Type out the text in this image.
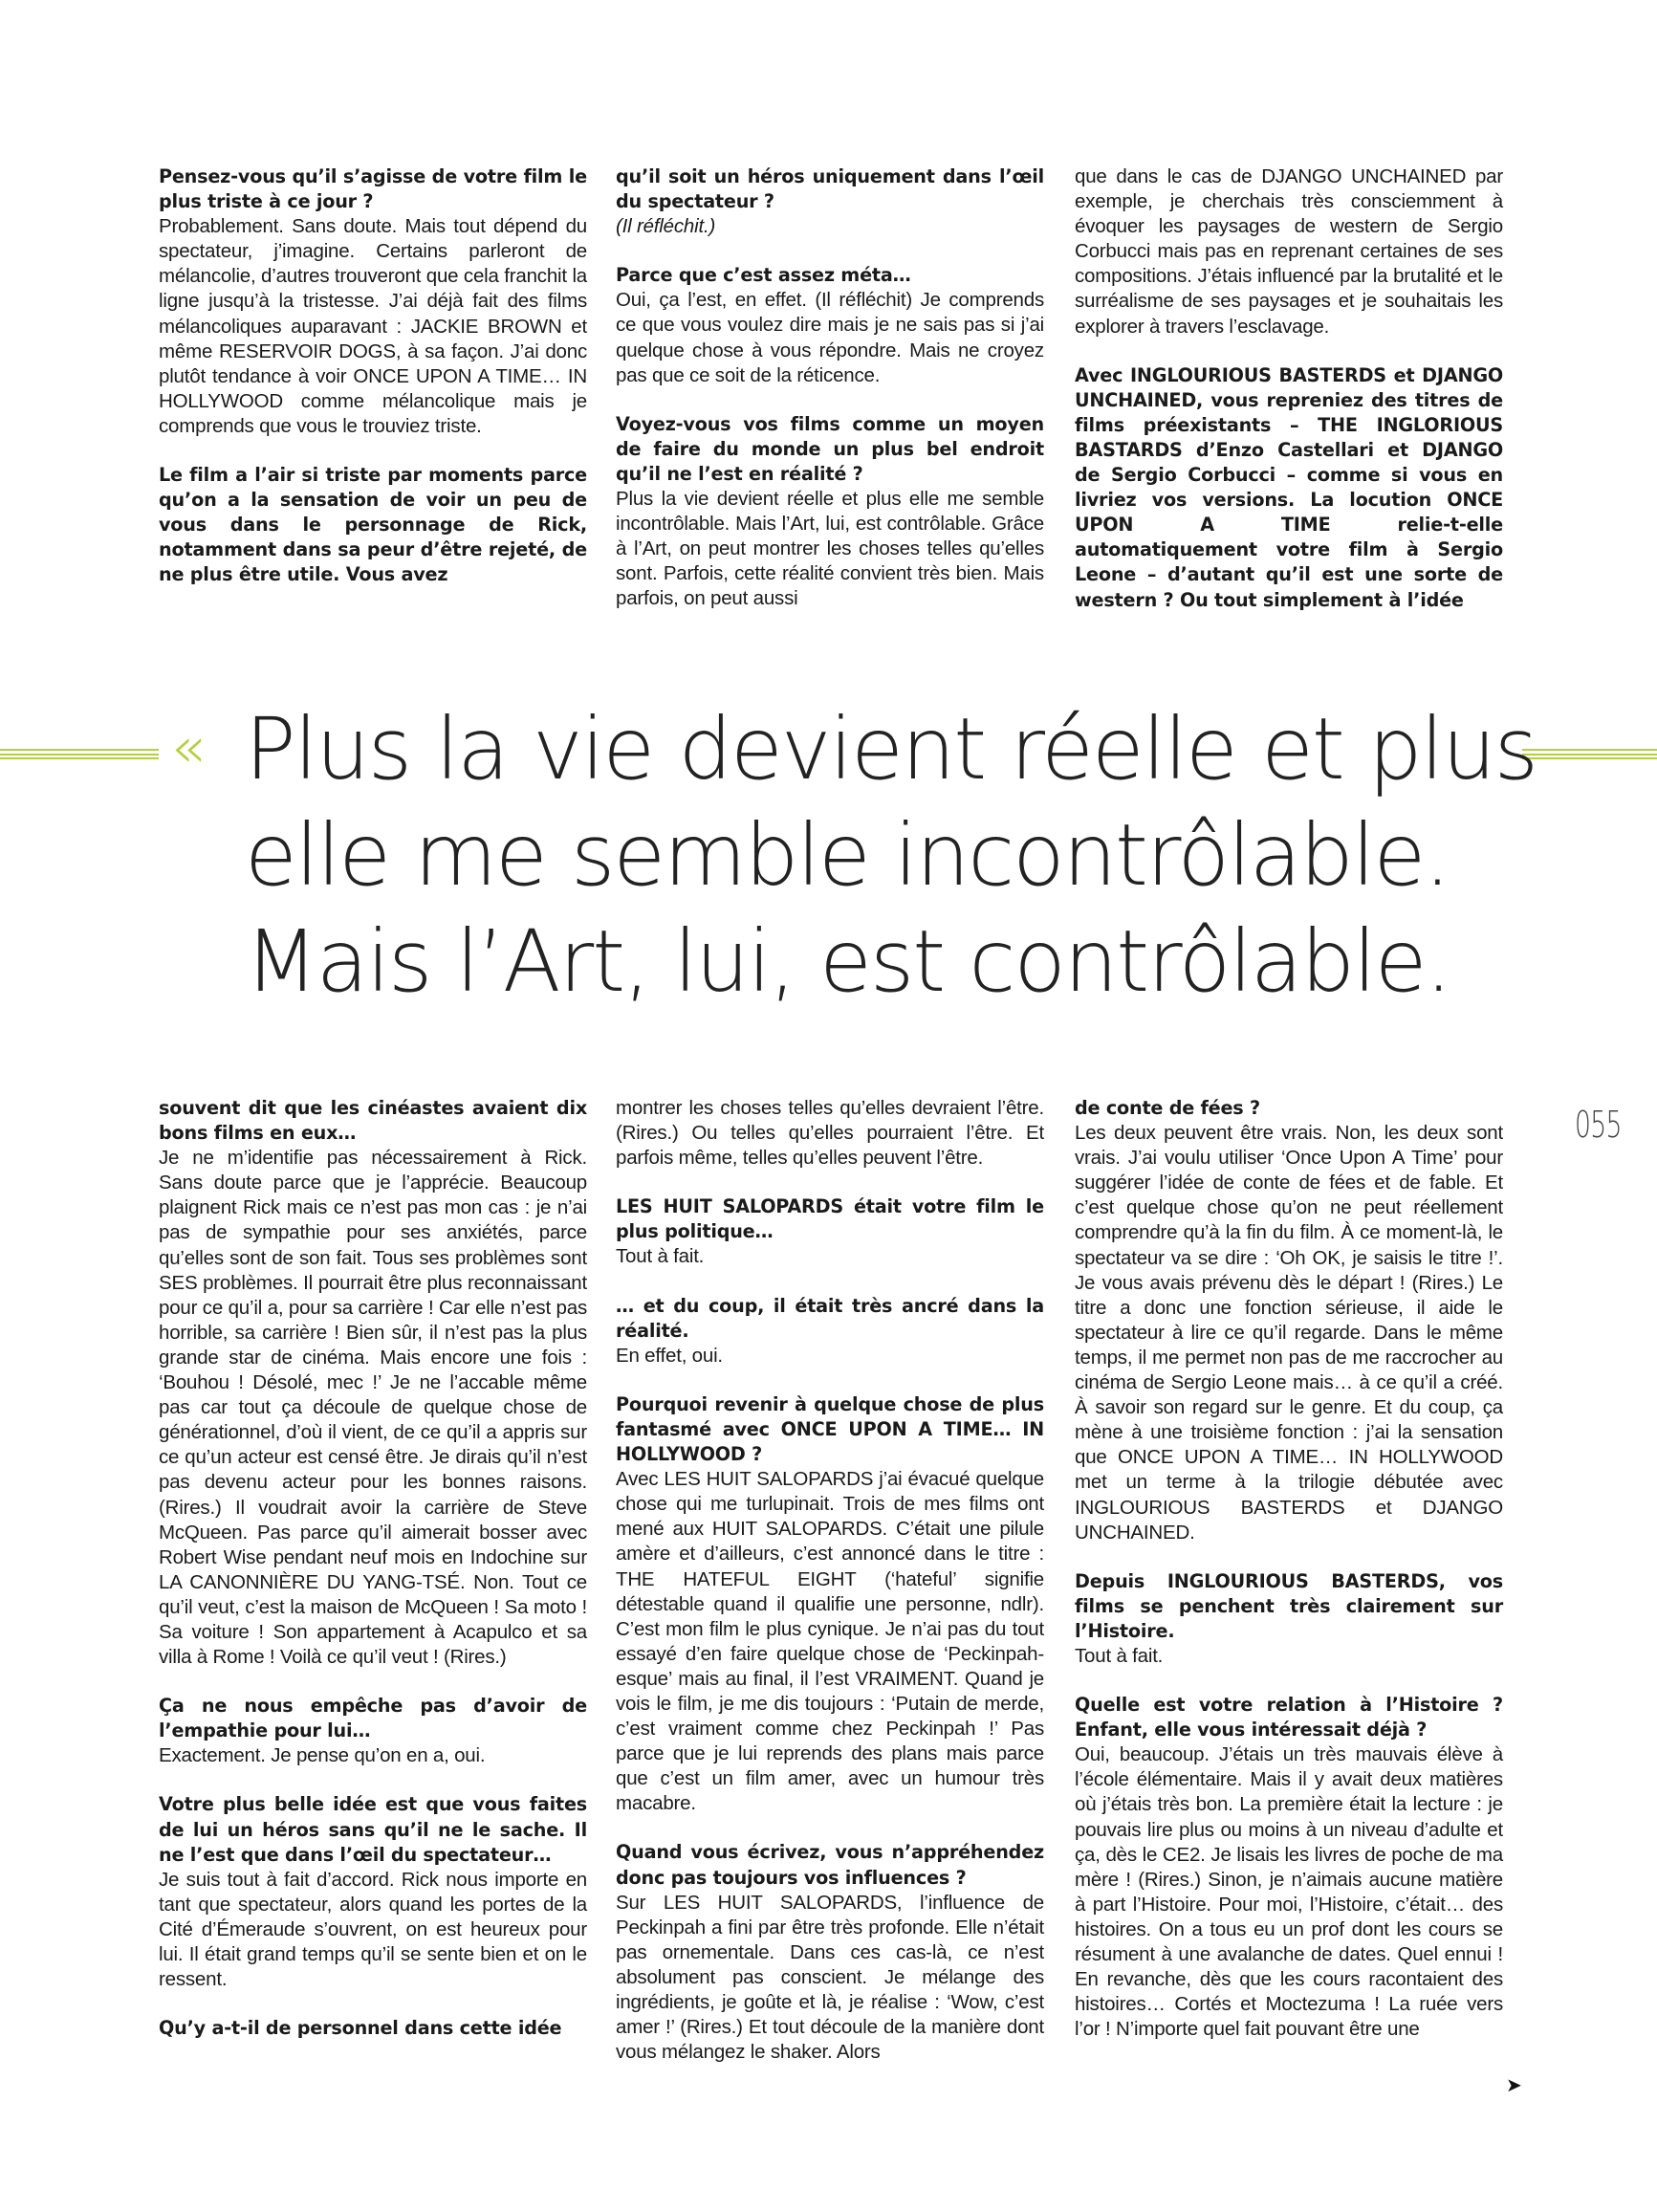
Pensez-vous qu’il s’agisse de votre film le plus triste à ce jour ?
Probablement. Sans doute. Mais tout dépend du spectateur, j’imagine. Certains parleront de mélancolie, d’autres trouveront que cela franchit la ligne jusqu’à la tristesse. J’ai déjà fait des films mélancoliques auparavant : JACKIE BROWN et même RESERVOIR DOGS, à sa façon. J’ai donc plutôt tendance à voir ONCE UPON A TIME… IN HOLLYWOOD comme mélancolique mais je comprends que vous le trouviez triste.

Le film a l’air si triste par moments parce qu’on a la sensation de voir un peu de vous dans le personnage de Rick, notamment dans sa peur d’être rejeté, de ne plus être utile. Vous avez

qu’il soit un héros uniquement dans l’œil du spectateur ?
(Il réfléchit.)

Parce que c’est assez méta…
Oui, ça l’est, en effet. (Il réfléchit) Je comprends ce que vous voulez dire mais je ne sais pas si j’ai quelque chose à vous répondre. Mais ne croyez pas que ce soit de la réticence.

Voyez-vous vos films comme un moyen de faire du monde un plus bel endroit qu’il ne l’est en réalité ?
Plus la vie devient réelle et plus elle me semble incontrôlable. Mais l’Art, lui, est contrôlable. Grâce à l’Art, on peut montrer les choses telles qu’elles sont. Parfois, cette réalité convient très bien. Mais parfois, on peut aussi

que dans le cas de DJANGO UNCHAINED par exemple, je cherchais très consciemment à évoquer les paysages de western de Sergio Corbucci mais pas en reprenant certaines de ses compositions. J’étais influencé par la brutalité et le surréalisme de ses paysages et je souhaitais les explorer à travers l’esclavage.

Avec INGLOURIOUS BASTERDS et DJANGO UNCHAINED, vous repreniez des titres de films préexistants – THE INGLORIOUS BASTARDS d’Enzo Castellari et DJANGO de Sergio Corbucci – comme si vous en livriez vos versions. La locution ONCE UPON A TIME relie-t-elle automatiquement votre film à Sergio Leone – d’autant qu’il est une sorte de western ? Ou tout simplement à l’idée

« Plus la vie devient réelle et plus
elle me semble incontrôlable.
Mais l’Art, lui, est contrôlable.
055

souvent dit que les cinéastes avaient dix bons films en eux…
Je ne m’identifie pas nécessairement à Rick. Sans doute parce que je l’apprécie. Beaucoup plaignent Rick mais ce n’est pas mon cas : je n’ai pas de sympathie pour ses anxiétés, parce qu’elles sont de son fait. Tous ses problèmes sont SES problèmes. Il pourrait être plus reconnaissant pour ce qu’il a, pour sa carrière ! Car elle n’est pas horrible, sa carrière ! Bien sûr, il n’est pas la plus grande star de cinéma. Mais encore une fois : ‘Bouhou ! Désolé, mec !’ Je ne l’accable même pas car tout ça découle de quelque chose de générationnel, d’où il vient, de ce qu’il a appris sur ce qu’un acteur est censé être. Je dirais qu’il n’est pas devenu acteur pour les bonnes raisons. (Rires.) Il voudrait avoir la carrière de Steve McQueen. Pas parce qu’il aimerait bosser avec Robert Wise pendant neuf mois en Indochine sur LA CANONNIÈRE DU YANG-TSÉ. Non. Tout ce qu’il veut, c’est la maison de McQueen ! Sa moto ! Sa voiture ! Son appartement à Acapulco et sa villa à Rome ! Voilà ce qu’il veut ! (Rires.)

Ça ne nous empêche pas d’avoir de l’empathie pour lui…
Exactement. Je pense qu’on en a, oui.

Votre plus belle idée est que vous faites de lui un héros sans qu’il ne le sache. Il ne l’est que dans l’œil du spectateur…
Je suis tout à fait d’accord. Rick nous importe en tant que spectateur, alors quand les portes de la Cité d’Émeraude s’ouvrent, on est heureux pour lui. Il était grand temps qu’il se sente bien et on le ressent.

Qu’y a-t-il de personnel dans cette idée

montrer les choses telles qu’elles devraient l’être. (Rires.) Ou telles qu’elles pourraient l’être. Et parfois même, telles qu’elles peuvent l’être.

LES HUIT SALOPARDS était votre film le plus politique…
Tout à fait.

… et du coup, il était très ancré dans la réalité.
En effet, oui.

Pourquoi revenir à quelque chose de plus fantasmé avec ONCE UPON A TIME… IN HOLLYWOOD ?
Avec LES HUIT SALOPARDS j’ai évacué quelque chose qui me turlupinait. Trois de mes films ont mené aux HUIT SALOPARDS. C’était une pilule amère et d’ailleurs, c’est annoncé dans le titre : THE HATEFUL EIGHT (‘hateful’ signifie détestable quand il qualifie une personne, ndlr). C’est mon film le plus cynique. Je n’ai pas du tout essayé d’en faire quelque chose de ‘Peckinpah-esque’ mais au final, il l’est VRAIMENT. Quand je vois le film, je me dis toujours : ‘Putain de merde, c’est vraiment comme chez Peckinpah !’ Pas parce que je lui reprends des plans mais parce que c’est un film amer, avec un humour très macabre.

Quand vous écrivez, vous n’appréhendez donc pas toujours vos influences ?
Sur LES HUIT SALOPARDS, l’influence de Peckinpah a fini par être très profonde. Elle n’était pas ornementale. Dans ces cas-là, ce n’est absolument pas conscient. Je mélange des ingrédients, je goûte et là, je réalise : ‘Wow, c’est amer !’ (Rires.) Et tout découle de la manière dont vous mélangez le shaker. Alors

de conte de fées ?
Les deux peuvent être vrais. Non, les deux sont vrais. J’ai voulu utiliser ‘Once Upon A Time’ pour suggérer l’idée de conte de fées et de fable. Et c’est quelque chose qu’on ne peut réellement comprendre qu’à la fin du film. À ce moment-là, le spectateur va se dire : ‘Oh OK, je saisis le titre !’. Je vous avais prévenu dès le départ ! (Rires.) Le titre a donc une fonction sérieuse, il aide le spectateur à lire ce qu’il regarde. Dans le même temps, il me permet non pas de me raccrocher au cinéma de Sergio Leone mais… à ce qu’il a créé. À savoir son regard sur le genre. Et du coup, ça mène à une troisième fonction : j’ai la sensation que ONCE UPON A TIME… IN HOLLYWOOD met un terme à la trilogie débutée avec INGLOURIOUS BASTERDS et DJANGO UNCHAINED.

Depuis INGLOURIOUS BASTERDS, vos films se penchent très clairement sur l’Histoire.
Tout à fait.

Quelle est votre relation à l’Histoire ? Enfant, elle vous intéressait déjà ?
Oui, beaucoup. J’étais un très mauvais élève à l’école élémentaire. Mais il y avait deux matières où j’étais très bon. La première était la lecture : je pouvais lire plus ou moins à un niveau d’adulte et ça, dès le CE2. Je lisais les livres de poche de ma mère ! (Rires.) Sinon, je n’aimais aucune matière à part l’Histoire. Pour moi, l’Histoire, c’était… des histoires. On a tous eu un prof dont les cours se résument à une avalanche de dates. Quel ennui ! En revanche, dès que les cours racontaient des histoires… Cortés et Moctezuma ! La ruée vers l’or ! N’importe quel fait pouvant être une

➤
